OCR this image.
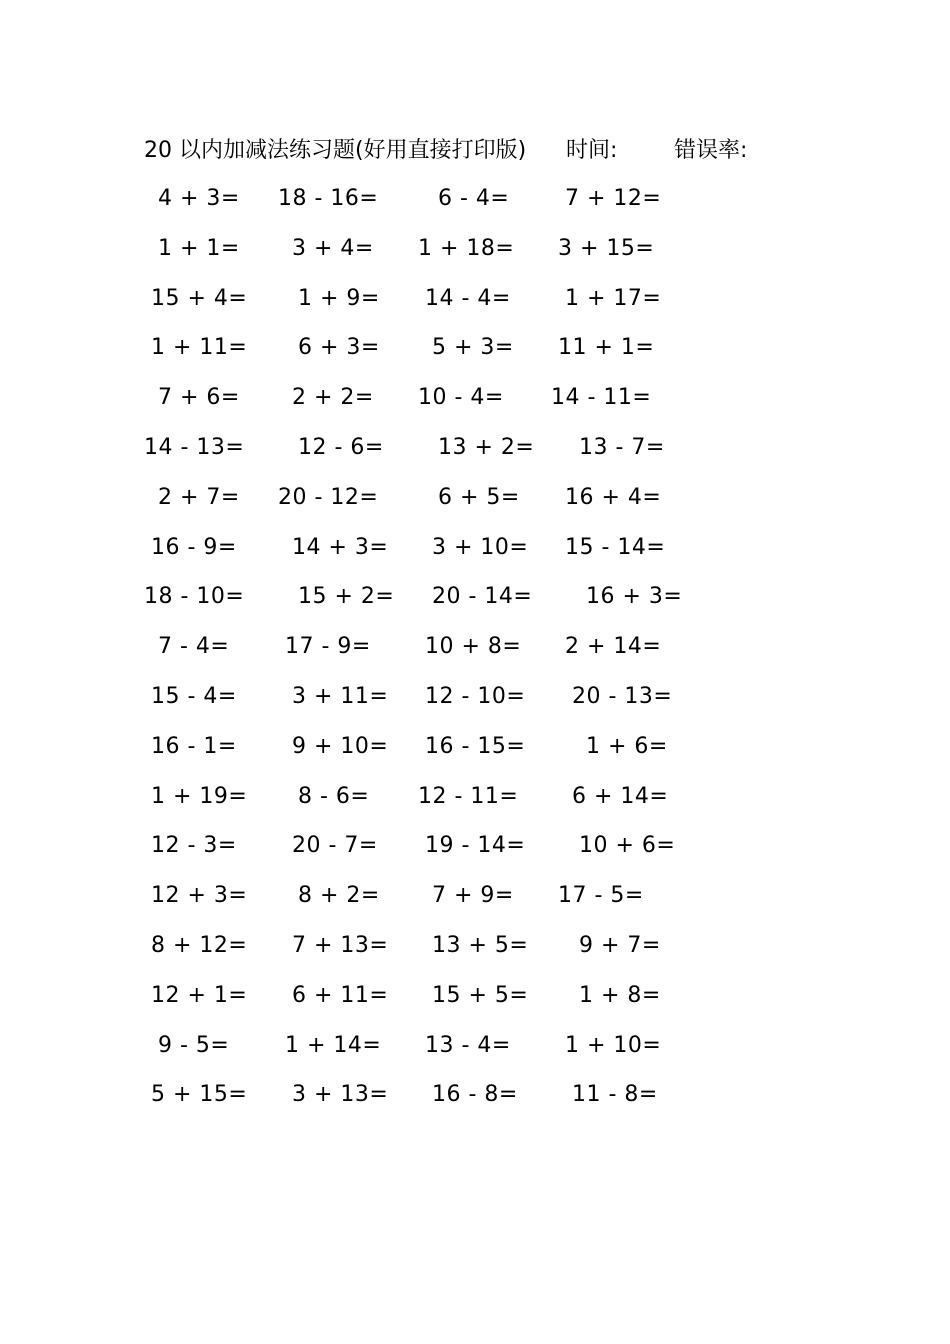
20 以内加减法练习题(好用直接打印版) 时间:	错误率:
4 + 3= 18 - 16=	6 - 4=	7 + 12=
1 + 1= 3 + 4= 1 + 18= 3 + 15=
15 + 4= 1 + 9= 14 - 4= 1 + 17=
1 + 11= 6 + 3= 5 + 3= 11 + 1=
7 + 6= 2 + 2= 10 - 4= 14 - 11=
14 - 13= 12 - 6= 13 + 2= 13 - 7=
2 + 7= 20 - 12=	6 + 5= 16 + 4=
16 - 9=	14 + 3= 3 + 10= 15 - 14=
18 - 10= 15 + 2= 20 - 14= 16 + 3=
7 - 4=	17 - 9= 10 + 8= 2 + 14=
15 - 4=	3 + 11= 12 - 10= 20 - 13=
16 - 1=	9 + 10= 16 - 15=	1 + 6=
1 + 19= 8 - 6= 12 - 11= 6 + 14=
12 - 3=	20 - 7= 19 - 14= 10 + 6=
12 + 3= 8 + 2= 7 + 9= 17 - 5=
8 + 12= 7 + 13= 13 + 5= 9 + 7=
12 + 1= 6 + 11= 15 + 5= 1 + 8=
9 - 5=	1 + 14= 13 - 4= 1 + 10=
5 + 15= 3 + 13= 16 - 8= 11 - 8=
